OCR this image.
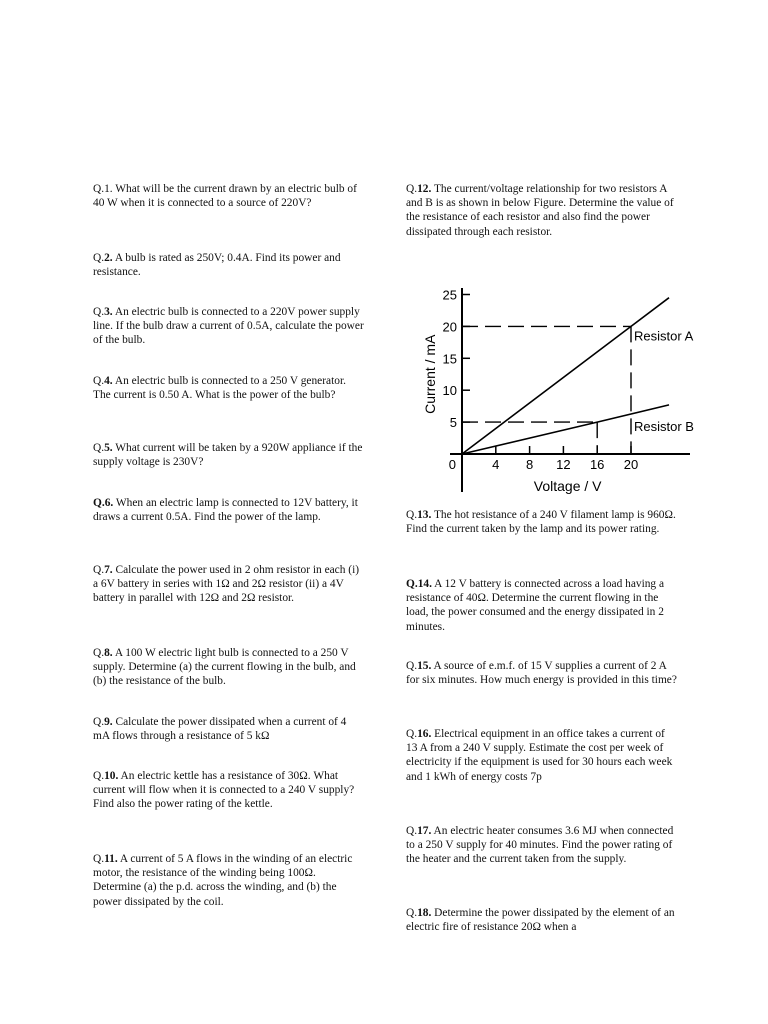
Q.1. What will be the current drawn by an electric bulb of 40 W when it is connected to a source of 220V?

Q.2. A bulb is rated as 250V; 0.4A. Find its power and resistance.

Q.3. An electric bulb is connected to a 220V power supply line. If the bulb draw a current of 0.5A, calculate the power of the bulb.

Q.4. An electric bulb is connected to a 250 V generator. The current is 0.50 A. What is the power of the bulb?

Q.5. What current will be taken by a 920W appliance if the supply voltage is 230V?

Q.6. When an electric lamp is connected to 12V battery, it draws a current 0.5A. Find the power of the lamp.

Q.7. Calculate the power used in 2 ohm resistor in each (i) a 6V battery in series with 1Ω and 2Ω resistor (ii) a 4V battery in parallel with 12Ω and 2Ω resistor.

Q.8. A 100 W electric light bulb is connected to a 250 V supply. Determine (a) the current flowing in the bulb, and (b) the resistance of the bulb.

Q.9. Calculate the power dissipated when a current of 4 mA flows through a resistance of 5 kΩ

Q.10. An electric kettle has a resistance of 30Ω. What current will flow when it is connected to a 240 V supply? Find also the power rating of the kettle.

Q.11. A current of 5 A flows in the winding of an electric motor, the resistance of the winding being 100Ω. Determine (a) the p.d. across the winding, and (b) the power dissipated by the coil.

Q.12. The current/voltage relationship for two resistors A and B is as shown in below Figure. Determine the value of the resistance of each resistor and also find the power dissipated through each resistor.

Q.13. The hot resistance of a 240 V filament lamp is 960Ω. Find the current taken by the lamp and its power rating.

Q.14. A 12 V battery is connected across a load having a resistance of 40Ω. Determine the current flowing in the load, the power consumed and the energy dissipated in 2 minutes.

Q.15. A source of e.m.f. of 15 V supplies a current of 2 A for six minutes. How much energy is provided in this time?

Q.16. Electrical equipment in an office takes a current of 13 A from a 240 V supply. Estimate the cost per week of electricity if the equipment is used for 30 hours each week and 1 kWh of energy costs 7p

Q.17. An electric heater consumes 3.6 MJ when connected to a 250 V supply for 40 minutes. Find the power rating of the heater and the current taken from the supply.

Q.18. Determine the power dissipated by the element of an electric fire of resistance 20Ω when a

4 8 12 16 20
5
10
15
20
25
0
Voltage / V
Current / mA	Resistor A
Resistor B
